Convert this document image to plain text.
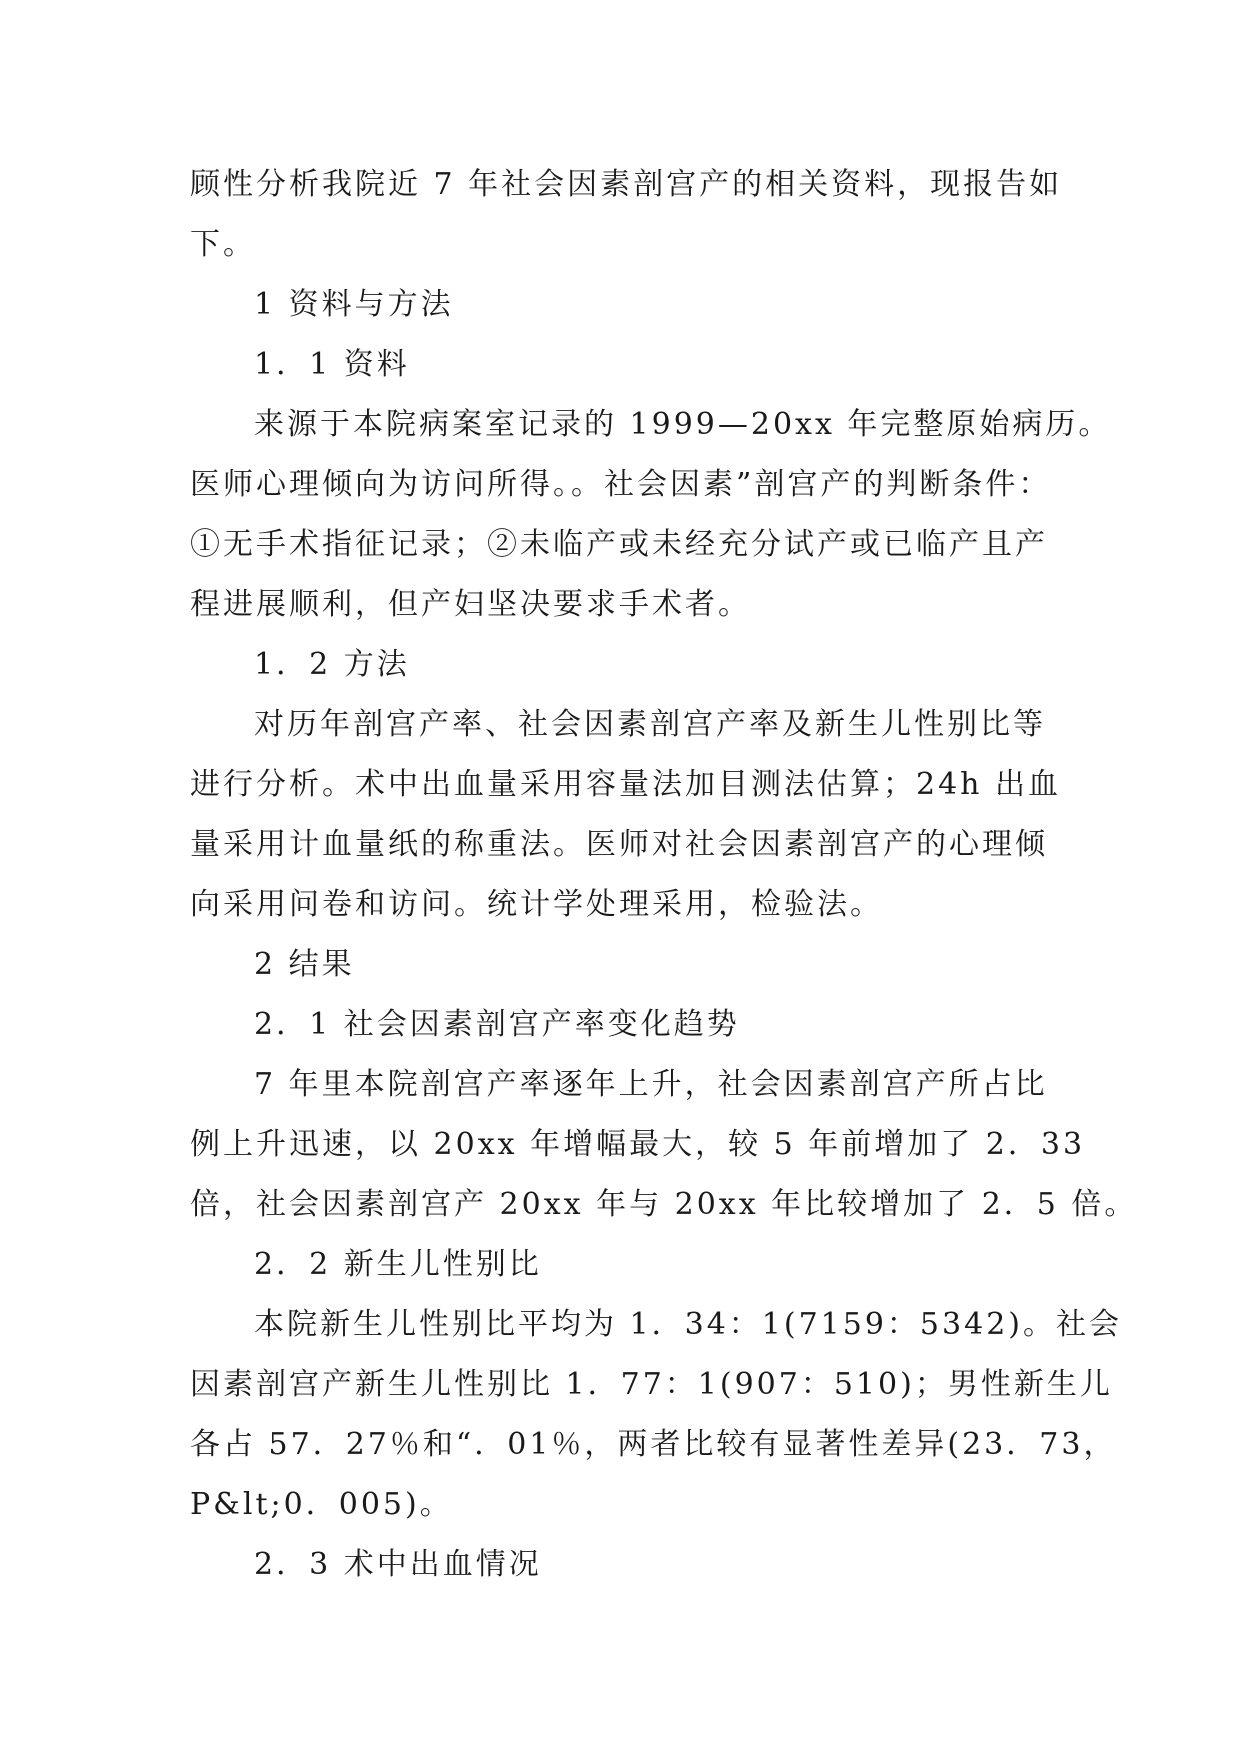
顾性分析我院近 7 年社会因素剖宫产的相关资料，现报告如
下。
1 资料与方法
1．1 资料
来源于本院病案室记录的 1999—20xx 年完整原始病历。
医师心理倾向为访问所得。。社会因素”剖宫产的判断条件：
①无手术指征记录；②未临产或未经充分试产或已临产且产
程进展顺利，但产妇坚决要求手术者。
1．2 方法
对历年剖宫产率、社会因素剖宫产率及新生儿性别比等
进行分析。术中出血量采用容量法加目测法估算；24h 出血
量采用计血量纸的称重法。医师对社会因素剖宫产的心理倾
向采用问卷和访问。统计学处理采用，检验法。
2 结果
2．1 社会因素剖宫产率变化趋势
7 年里本院剖宫产率逐年上升，社会因素剖宫产所占比
例上升迅速，以 20xx 年增幅最大，较 5 年前增加了 2．33
倍，社会因素剖宫产 20xx 年与 20xx 年比较增加了 2．5 倍。
2．2 新生儿性别比
本院新生儿性别比平均为 1．34：1(7159：5342)。社会
因素剖宫产新生儿性别比 1．77：1(907：510)；男性新生儿
各占 57．27％和“．01％，两者比较有显著性差异(23．73，
P&lt;0．005)。
2．3 术中出血情况
